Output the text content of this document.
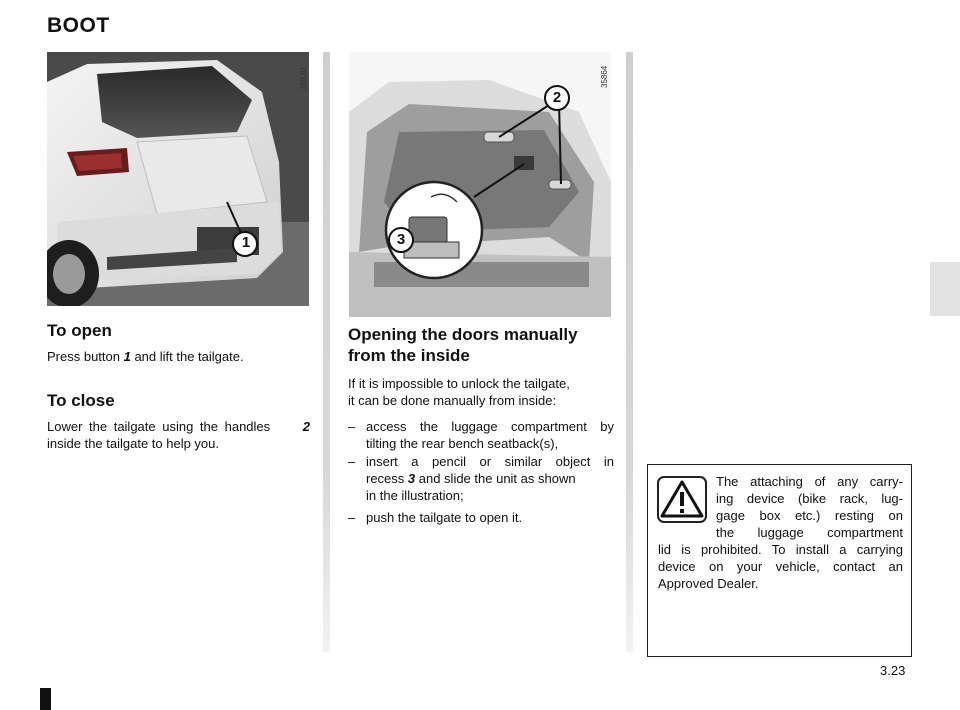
BOOT
1
35530
2
3
35864
To open

Press button 1 and lift the tailgate.

To close

Lower the tailgate using the handles 2

inside the tailgate to help you.

Opening the doors manually
from the inside

If it is impossible to unlock the tailgate,

it can be done manually from inside:

– access the luggage compartment by
tilting the rear bench seatback(s),
– insert a pencil or similar object in
recess 3 and slide the unit as shown
in the illustration;
– push the tailgate to open it.
The attaching of any carry-
ing device (bike rack, lug-
gage box etc.) resting on
the luggage compartment
lid is prohibited. To install a carrying
device on your vehicle, contact an
Approved Dealer.
3.23
